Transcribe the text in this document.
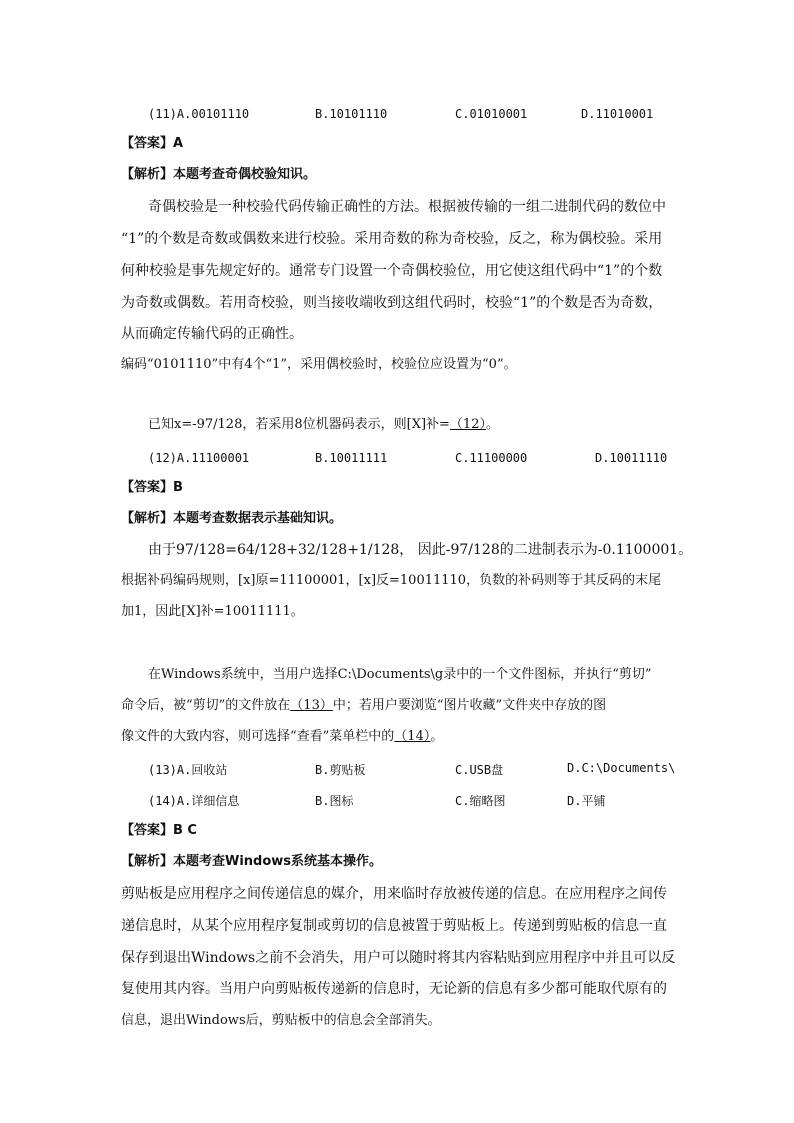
(11)A.00101110	B.10101110	C.01010001	D.11010001
【答案】A
【解析】本题考查奇偶校验知识。
奇偶校验是一种校验代码传输正确性的方法。根据被传输的一组二进制代码的数位中
“1”的个数是奇数或偶数来进行校验。采用奇数的称为奇校验，反之，称为偶校验。采用
何种校验是事先规定好的。通常专门设置一个奇偶校验位，用它使这组代码中“1”的个数
为奇数或偶数。若用奇校验，则当接收端收到这组代码时，校验“1”的个数是否为奇数，
从而确定传输代码的正确性。
编码“0101110”中有4个“1”，采用偶校验时，校验位应设置为“0”。
已知x=-97/128，若采用8位机器码表示，则[X]补=（12）。
(12)A.11100001	B.10011111	C.11100000	D.10011110
【答案】B
【解析】本题考查数据表示基础知识。
由于97/128=64/128+32/128+1/128， 因此-97/128的二进制表示为-0.1100001。
根据补码编码规则，[x]原=11100001，[x]反=10011110，负数的补码则等于其反码的末尾
加1，因此[X]补=10011111。
在Windows系统中，当用户选择C:\Documents\g录中的一个文件图标，并执行“剪切”
命令后，被“剪切”的文件放在（13）中；若用户要浏览“图片收藏”文件夹中存放的图
像文件的大致内容，则可选择“查看”菜单栏中的（14）。
(13)A.回收站	B.剪贴板	C.USB盘	D.C:\Documents\
(14)A.详细信息	B.图标	C.缩略图	D.平铺
【答案】B C
【解析】本题考查Windows系统基本操作。
剪贴板是应用程序之间传递信息的媒介，用来临时存放被传递的信息。在应用程序之间传
递信息时，从某个应用程序复制或剪切的信息被置于剪贴板上。传递到剪贴板的信息一直
保存到退出Windows之前不会消失，用户可以随时将其内容粘贴到应用程序中并且可以反
复使用其内容。当用户向剪贴板传递新的信息时，无论新的信息有多少都可能取代原有的
信息，退出Windows后，剪贴板中的信息会全部消失。
